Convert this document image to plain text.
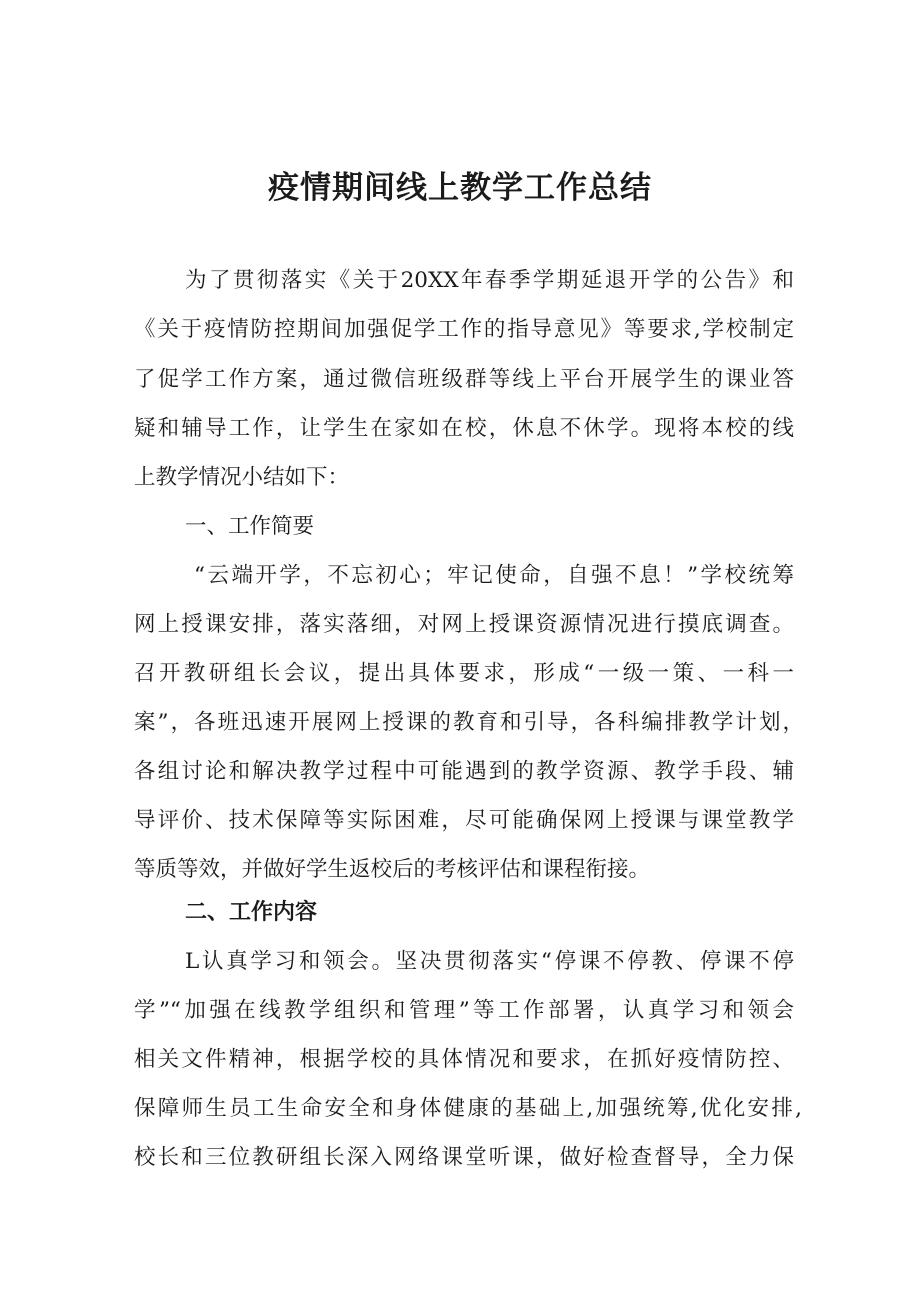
疫情期间线上教学工作总结
为了贯彻落实《关于20XX年春季学期延退开学的公告》和
《关于疫情防控期间加强促学工作的指导意见》等要求,学校制定
了促学工作方案，通过微信班级群等线上平台开展学生的课业答
疑和辅导工作，让学生在家如在校，休息不休学。现将本校的线
上教学情况小结如下：
一、工作简要
“云端开学，不忘初心；牢记使命，自强不息！”学校统筹
网上授课安排，落实落细，对网上授课资源情况进行摸底调查。
召开教研组长会议，提出具体要求，形成“一级一策、一科一
案”，各班迅速开展网上授课的教育和引导，各科编排教学计划，
各组讨论和解决教学过程中可能遇到的教学资源、教学手段、辅
导评价、技术保障等实际困难，尽可能确保网上授课与课堂教学
等质等效，并做好学生返校后的考核评估和课程衔接。
二、工作内容
L认真学习和领会。坚决贯彻落实“停课不停教、停课不停
学”“加强在线教学组织和管理”等工作部署，认真学习和领会
相关文件精神，根据学校的具体情况和要求，在抓好疫情防控、
保障师生员工生命安全和身体健康的基础上,加强统筹,优化安排,
校长和三位教研组长深入网络课堂听课，做好检查督导，全力保
